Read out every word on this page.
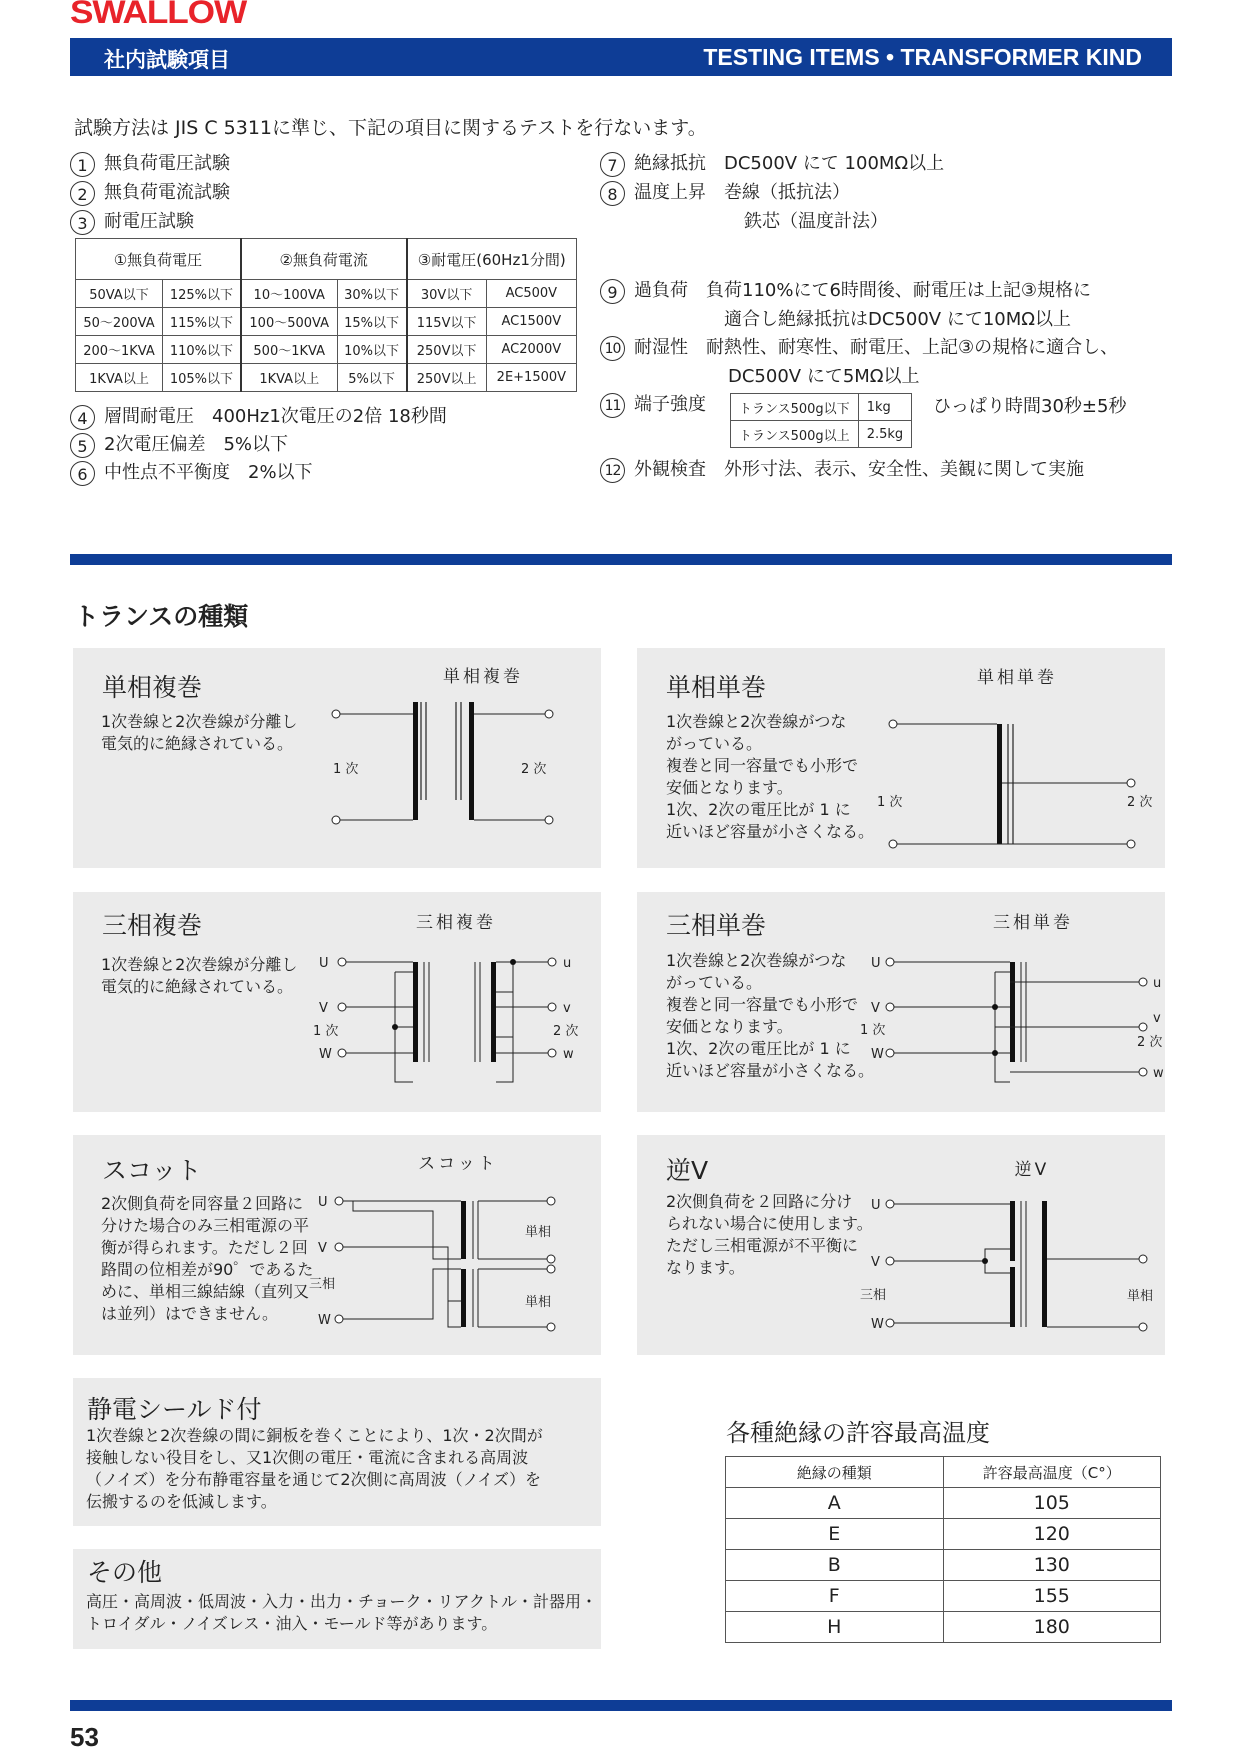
SWALLOW
社内試験項目	TESTING ITEMS • TRANSFORMER KIND
試験方法は JIS C 5311に準じ、下記の項目に関するテストを行ないます。
1 無負荷電圧試験
2 無負荷電流試験
3 耐電圧試験
①無負荷電圧		②無負荷電流		③耐電圧(60Hz1分間)	
50VA以下	125%以下	10〜100VA	30%以下	30V以下	AC500V
50〜200VA	115%以下	100〜500VA	15%以下	115V以下	AC1500V
200〜1KVA	110%以下	500〜1KVA	10%以下	250V以下	AC2000V
1KVA以上	105%以下	1KVA以上	5%以下	250V以上	2E+1500V
4 層間耐電圧　400Hz1次電圧の2倍 18秒間
5 2次電圧偏差　5%以下
6 中性点不平衡度　2%以下
7 絶縁抵抗　DC500V にて 100MΩ以上
8 温度上昇　巻線（抵抗法）
鉄芯（温度計法）
9 過負荷　負荷110%にて6時間後、耐電圧は上記③規格に
適合し絶縁抵抗はDC500V にて10MΩ以上
10 耐湿性　耐熱性、耐寒性、耐電圧、上記③の規格に適合し、
DC500V にて5MΩ以上
11 端子強度	トランス500g以下	1kg
トランス500g以上	2.5kg
ひっぱり時間30秒±5秒
12 外観検査　外形寸法、表示、安全性、美観に関して実施
トランスの種類
単相複巻
1次巻線と2次巻線が分離し
電気的に絶縁されている。
単相複巻
1 次	2 次
単相単巻
1次巻線と2次巻線がつな
がっている。
複巻と同一容量でも小形で
安価となります。
1次、2次の電圧比が 1 に
近いほど容量が小さくなる。
単相単巻
1 次	2 次
三相複巻
1次巻線と2次巻線が分離し
電気的に絶縁されている。
三相複巻
U
V
W
1 次
u
v
w
2 次
三相単巻
1次巻線と2次巻線がつな
がっている。
複巻と同一容量でも小形で
安価となります。
1次、2次の電圧比が 1 に
近いほど容量が小さくなる。
三相単巻
U
V
W
1 次
u
v
w
2 次
スコット
2次側負荷を同容量２回路に
分けた場合のみ三相電源の平
衡が得られます。ただし２回
路間の位相差が90゜であるた
めに、単相三線結線（直列又
は並列）はできません。
スコット
U
V
W
三相
単相
単相
逆V
2次側負荷を２回路に分け
られない場合に使用します。
ただし三相電源が不平衡に
なります。
逆V
U
V
W
三相	単相
静電シールド付
1次巻線と2次巻線の間に銅板を巻くことにより、1次・2次間が
接触しない役目をし、又1次側の電圧・電流に含まれる高周波
（ノイズ）を分布静電容量を通じて2次側に高周波（ノイズ）を
伝搬するのを低減します。
その他
高圧・高周波・低周波・入力・出力・チョーク・リアクトル・計器用・
トロイダル・ノイズレス・油入・モールド等があります。
各種絶縁の許容最高温度
絶縁の種類	許容最高温度（C°）
A	105
E	120
B	130
F	155
H	180
53
